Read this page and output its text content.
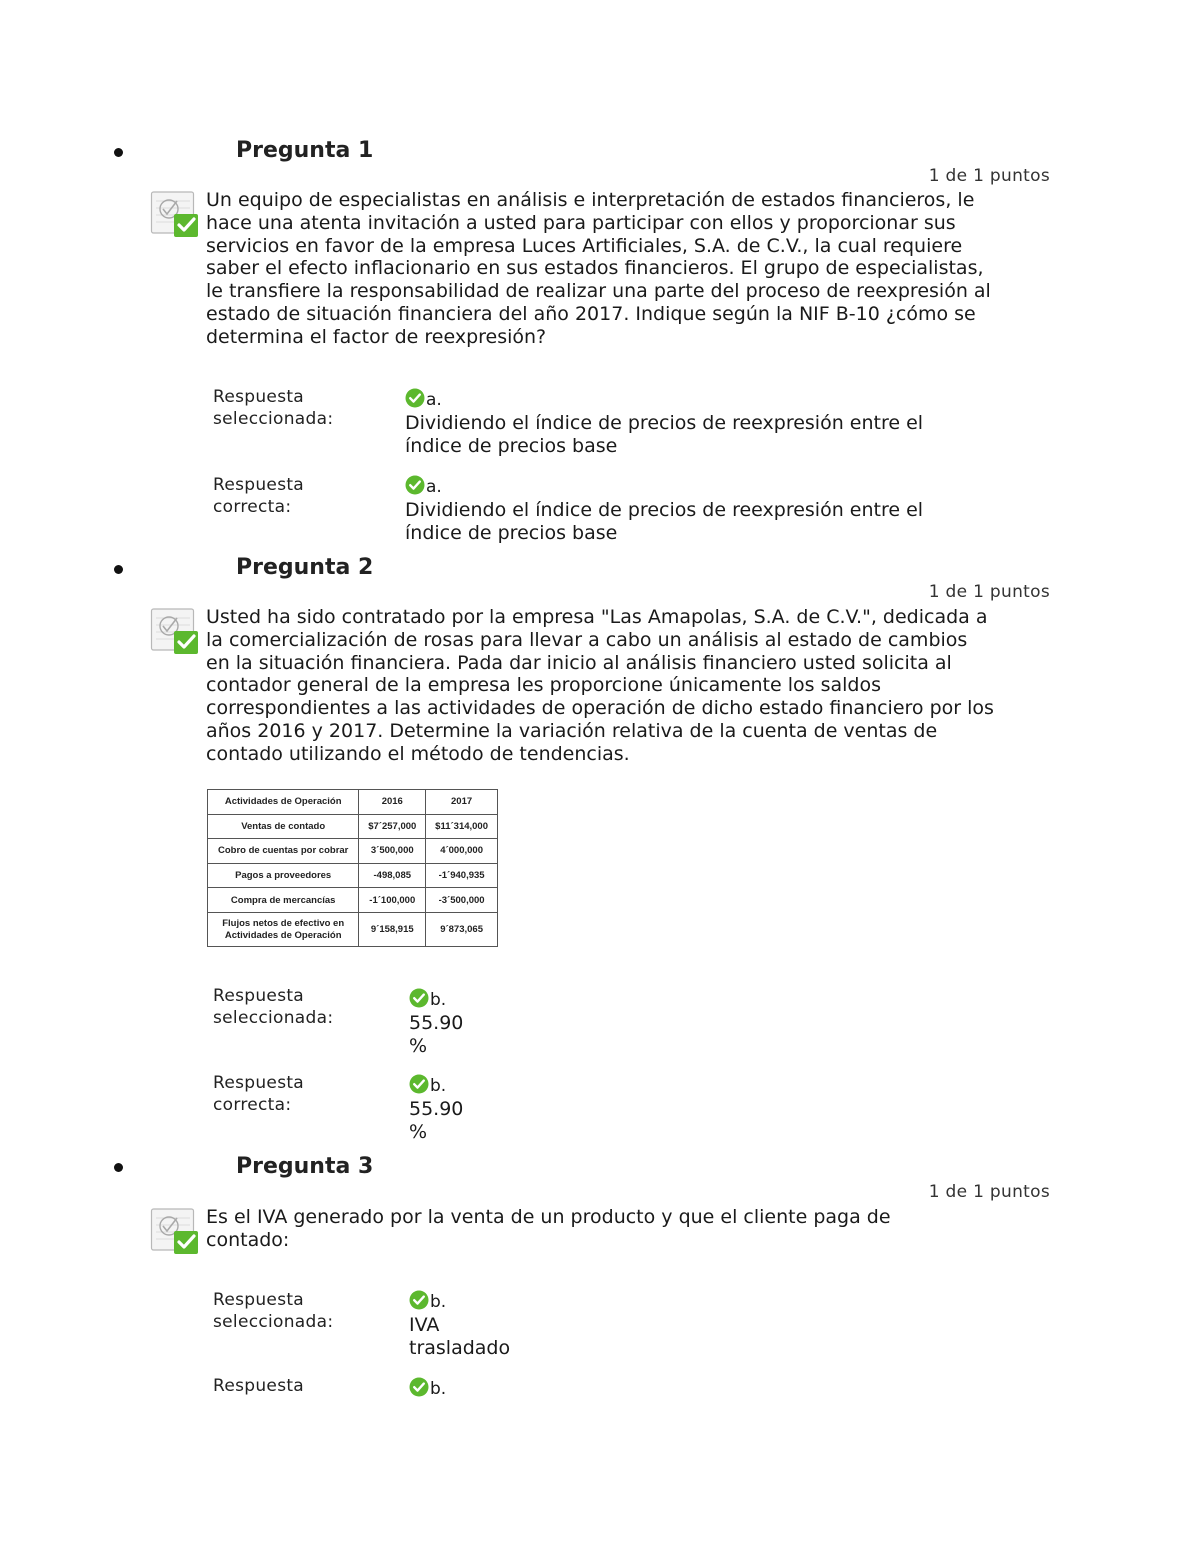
Pregunta 1
1 de 1 puntos
Un equipo de especialistas en análisis e interpretación de estados financieros, le hace una atenta invitación a usted para participar con ellos y proporcionar sus servicios en favor de la empresa Luces Artificiales, S.A. de C.V., la cual requiere saber el efecto inflacionario en sus estados financieros. El grupo de especialistas, le transfiere la responsabilidad de realizar una parte del proceso de reexpresión al estado de situación financiera del año 2017. Indique según la NIF B-10 ¿cómo se determina el factor de reexpresión?
Respuesta seleccionada:
a.
Dividiendo el índice de precios de reexpresión entre el índice de precios base
Respuesta correcta:
a.
Dividiendo el índice de precios de reexpresión entre el índice de precios base
Pregunta 2
1 de 1 puntos
Usted ha sido contratado por la empresa "Las Amapolas, S.A. de C.V.", dedicada a la comercialización de rosas para llevar a cabo un análisis al estado de cambios en la situación financiera. Pada dar inicio al análisis financiero usted solicita al contador general de la empresa les proporcione únicamente los saldos correspondientes a las actividades de operación de dicho estado financiero por los años 2016 y 2017. Determine la variación relativa de la cuenta de ventas de contado utilizando el método de tendencias.
Actividades de Operación	2016	2017
Ventas de contado	$7´257,000	$11´314,000
Cobro de cuentas por cobrar	3´500,000	4´000,000
Pagos a proveedores	-498,085	-1´940,935
Compra de mercancías	-1´100,000	-3´500,000
Flujos netos de efectivo en Actividades de Operación	9´158,915	9´873,065
Respuesta seleccionada:
b.
55.90 %
Respuesta correcta:
b.
55.90 %
Pregunta 3
1 de 1 puntos
Es el IVA generado por la venta de un producto y que el cliente paga de contado:
Respuesta seleccionada:
b.
IVA trasladado
Respuesta	b.
